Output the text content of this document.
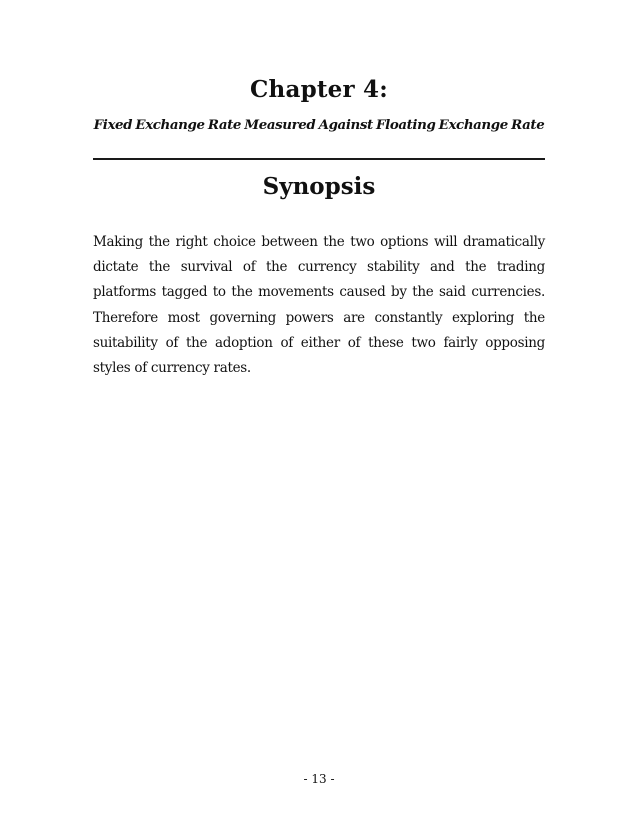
Chapter 4:
Fixed Exchange Rate Measured Against Floating Exchange Rate
Synopsis

Making the right choice between the two options will dramatically dictate the survival of the currency stability and the trading platforms tagged to the movements caused by the said currencies. Therefore most governing powers are constantly exploring the suitability of the adoption of either of these two fairly opposing styles of currency rates.

- 13 -
